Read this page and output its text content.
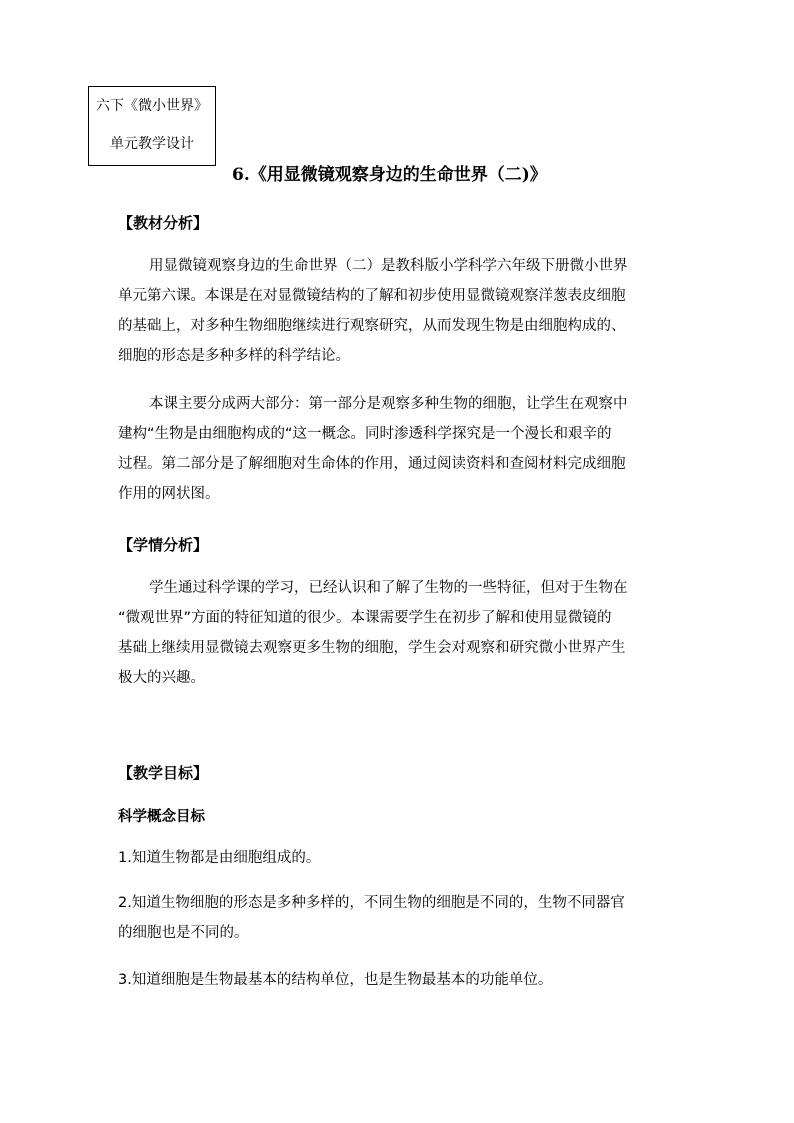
六下《微小世界》
单元教学设计
6.《用显微镜观察身边的生命世界（二)》
【教材分析】

用显微镜观察身边的生命世界（二）是教科版小学科学六年级下册微小世界
单元第六课。本课是在对显微镜结构的了解和初步使用显微镜观察洋葱表皮细胞
的基础上，对多种生物细胞继续进行观察研究，从而发现生物是由细胞构成的、
细胞的形态是多种多样的科学结论。

本课主要分成两大部分：第一部分是观察多种生物的细胞，让学生在观察中
建构“生物是由细胞构成的“这一概念。同时渗透科学探究是一个漫长和艰辛的
过程。第二部分是了解细胞对生命体的作用，通过阅读资料和查阅材料完成细胞
作用的网状图。

【学情分析】

学生通过科学课的学习，已经认识和了解了生物的一些特征，但对于生物在
“微观世界”方面的特征知道的很少。本课需要学生在初步了解和使用显微镜的
基础上继续用显微镜去观察更多生物的细胞，学生会对观察和研究微小世界产生
极大的兴趣。

【教学目标】
科学概念目标

1.知道生物都是由细胞组成的。

2.知道生物细胞的形态是多种多样的，不同生物的细胞是不同的，生物不同器官
的细胞也是不同的。

3.知道细胞是生物最基本的结构单位，也是生物最基本的功能单位。
